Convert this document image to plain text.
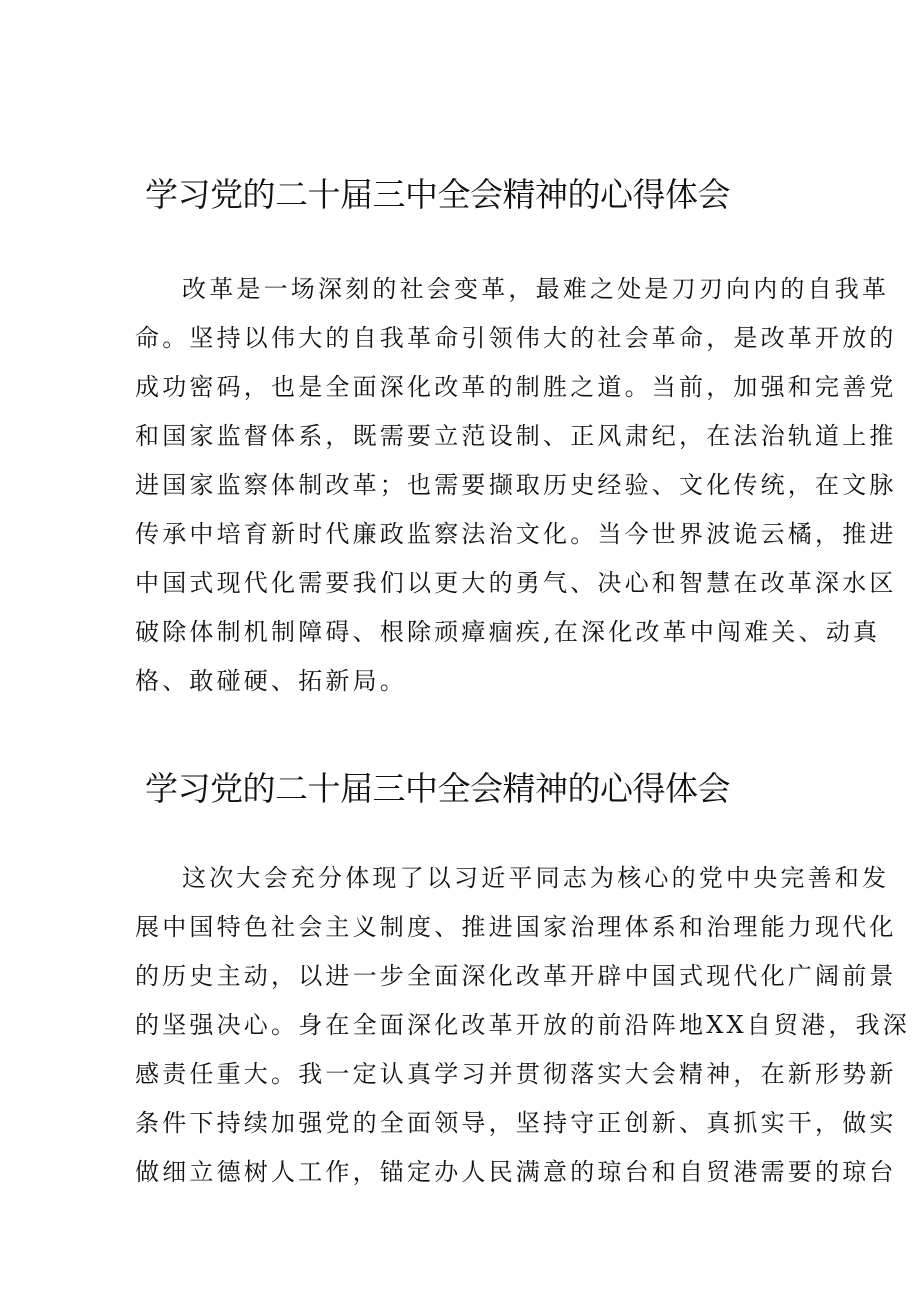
学习党的二十届三中全会精神的心得体会
改革是一场深刻的社会变革，最难之处是刀刃向内的自我革
命。坚持以伟大的自我革命引领伟大的社会革命，是改革开放的
成功密码，也是全面深化改革的制胜之道。当前，加强和完善党
和国家监督体系，既需要立范设制、正风肃纪，在法治轨道上推
进国家监察体制改革；也需要撷取历史经验、文化传统，在文脉
传承中培育新时代廉政监察法治文化。当今世界波诡云橘，推进
中国式现代化需要我们以更大的勇气、决心和智慧在改革深水区
破除体制机制障碍、根除顽瘴痼疾,在深化改革中闯难关、动真
格、敢碰硬、拓新局。
学习党的二十届三中全会精神的心得体会
这次大会充分体现了以习近平同志为核心的党中央完善和发
展中国特色社会主义制度、推进国家治理体系和治理能力现代化
的历史主动，以进一步全面深化改革开辟中国式现代化广阔前景
的坚强决心。身在全面深化改革开放的前沿阵地XX自贸港，我深
感责任重大。我一定认真学习并贯彻落实大会精神，在新形势新
条件下持续加强党的全面领导，坚持守正创新、真抓实干，做实
做细立德树人工作，锚定办人民满意的琼台和自贸港需要的琼台
